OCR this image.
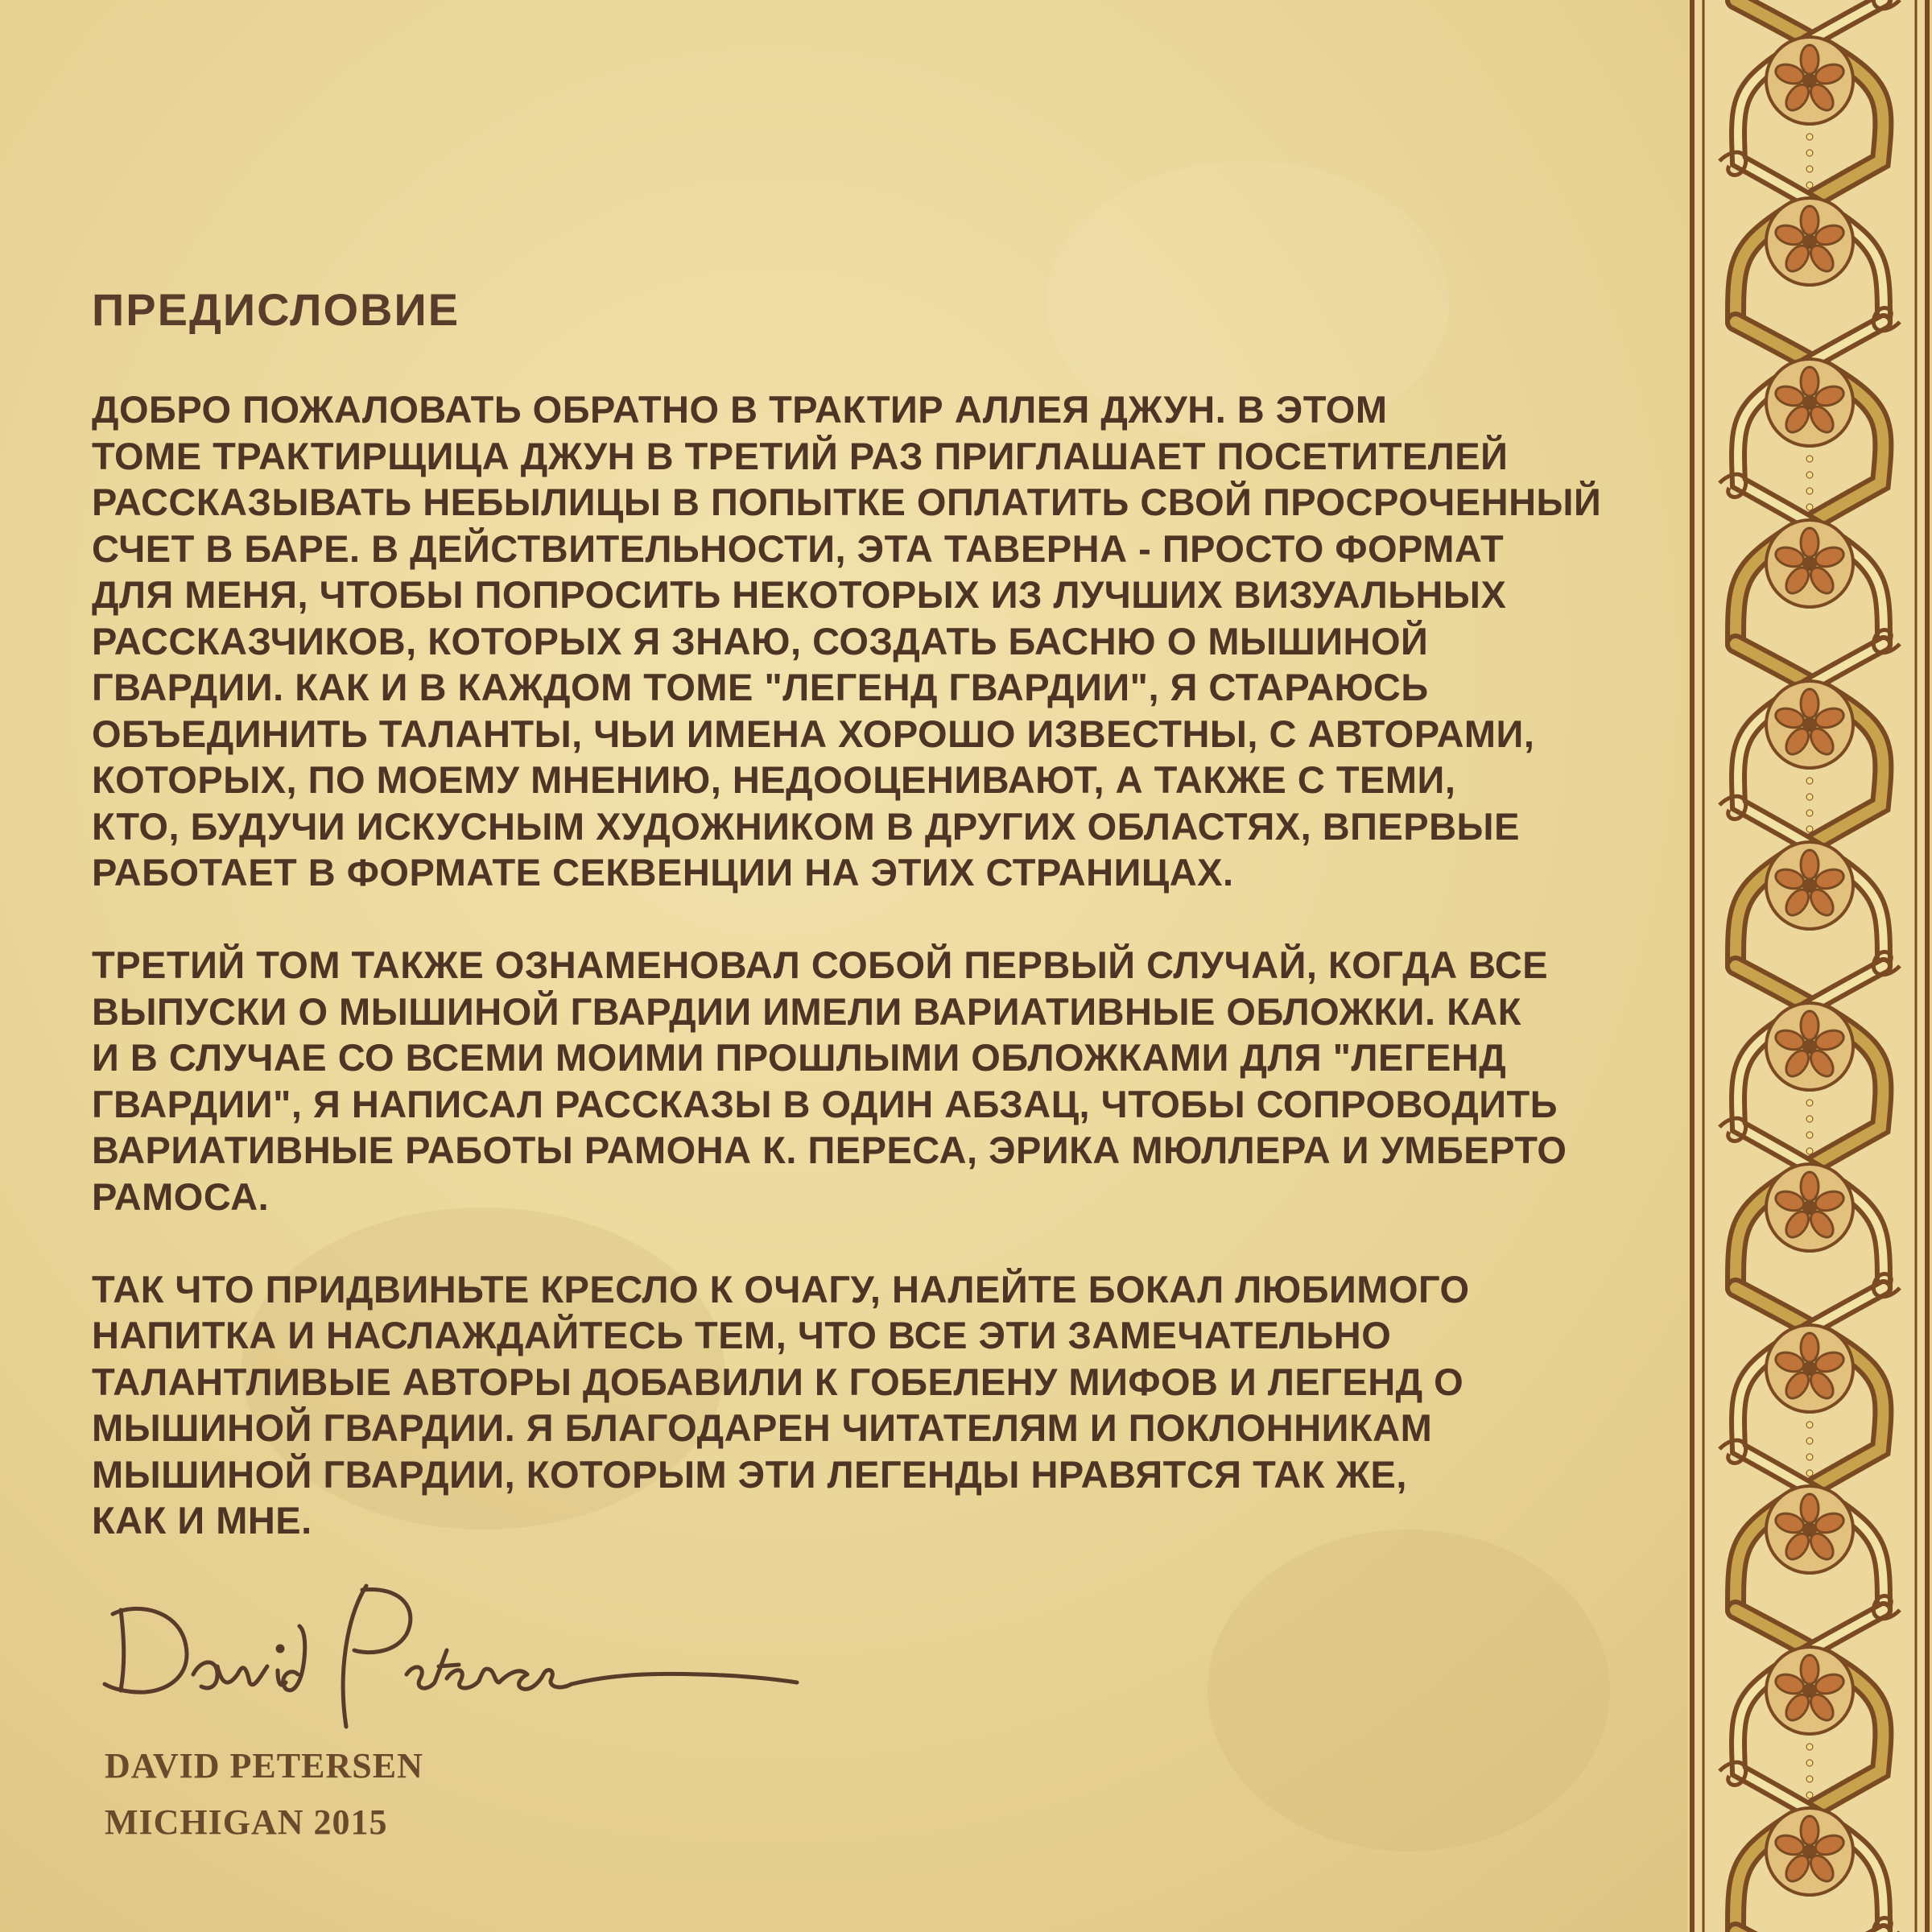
ПРЕДИСЛОВИЕ

ДОБРО ПОЖАЛОВАТЬ ОБРАТНО В ТРАКТИР АЛЛЕЯ ДЖУН. В ЭТОМ
ТОМЕ ТРАКТИРЩИЦА ДЖУН В ТРЕТИЙ РАЗ ПРИГЛАШАЕТ ПОСЕТИТЕЛЕЙ
РАССКАЗЫВАТЬ НЕБЫЛИЦЫ В ПОПЫТКЕ ОПЛАТИТЬ СВОЙ ПРОСРОЧЕННЫЙ
СЧЕТ В БАРЕ. В ДЕЙСТВИТЕЛЬНОСТИ, ЭТА ТАВЕРНА - ПРОСТО ФОРМАТ
ДЛЯ МЕНЯ, ЧТОБЫ ПОПРОСИТЬ НЕКОТОРЫХ ИЗ ЛУЧШИХ ВИЗУАЛЬНЫХ
РАССКАЗЧИКОВ, КОТОРЫХ Я ЗНАЮ, СОЗДАТЬ БАСНЮ О МЫШИНОЙ
ГВАРДИИ. КАК И В КАЖДОМ ТОМЕ "ЛЕГЕНД ГВАРДИИ", Я СТАРАЮСЬ
ОБЪЕДИНИТЬ ТАЛАНТЫ, ЧЬИ ИМЕНА ХОРОШО ИЗВЕСТНЫ, С АВТОРАМИ,
КОТОРЫХ, ПО МОЕМУ МНЕНИЮ, НЕДООЦЕНИВАЮТ, А ТАКЖЕ С ТЕМИ,
КТО, БУДУЧИ ИСКУСНЫМ ХУДОЖНИКОМ В ДРУГИХ ОБЛАСТЯХ, ВПЕРВЫЕ
РАБОТАЕТ В ФОРМАТЕ СЕКВЕНЦИИ НА ЭТИХ СТРАНИЦАХ.

ТРЕТИЙ ТОМ ТАКЖЕ ОЗНАМЕНОВАЛ СОБОЙ ПЕРВЫЙ СЛУЧАЙ, КОГДА ВСЕ
ВЫПУСКИ О МЫШИНОЙ ГВАРДИИ ИМЕЛИ ВАРИАТИВНЫЕ ОБЛОЖКИ. КАК
И В СЛУЧАЕ СО ВСЕМИ МОИМИ ПРОШЛЫМИ ОБЛОЖКАМИ ДЛЯ "ЛЕГЕНД
ГВАРДИИ", Я НАПИСАЛ РАССКАЗЫ В ОДИН АБЗАЦ, ЧТОБЫ СОПРОВОДИТЬ
ВАРИАТИВНЫЕ РАБОТЫ РАМОНА К. ПЕРЕСА, ЭРИКА МЮЛЛЕРА И УМБЕРТО
РАМОСА.

ТАК ЧТО ПРИДВИНЬТЕ КРЕСЛО К ОЧАГУ, НАЛЕЙТЕ БОКАЛ ЛЮБИМОГО
НАПИТКА И НАСЛАЖДАЙТЕСЬ ТЕМ, ЧТО ВСЕ ЭТИ ЗАМЕЧАТЕЛЬНО
ТАЛАНТЛИВЫЕ АВТОРЫ ДОБАВИЛИ К ГОБЕЛЕНУ МИФОВ И ЛЕГЕНД О
МЫШИНОЙ ГВАРДИИ. Я БЛАГОДАРЕН ЧИТАТЕЛЯМ И ПОКЛОННИКАМ
МЫШИНОЙ ГВАРДИИ, КОТОРЫМ ЭТИ ЛЕГЕНДЫ НРАВЯТСЯ ТАК ЖЕ,
КАК И МНЕ.

DAVID PETERSEN
MICHIGAN 2015
